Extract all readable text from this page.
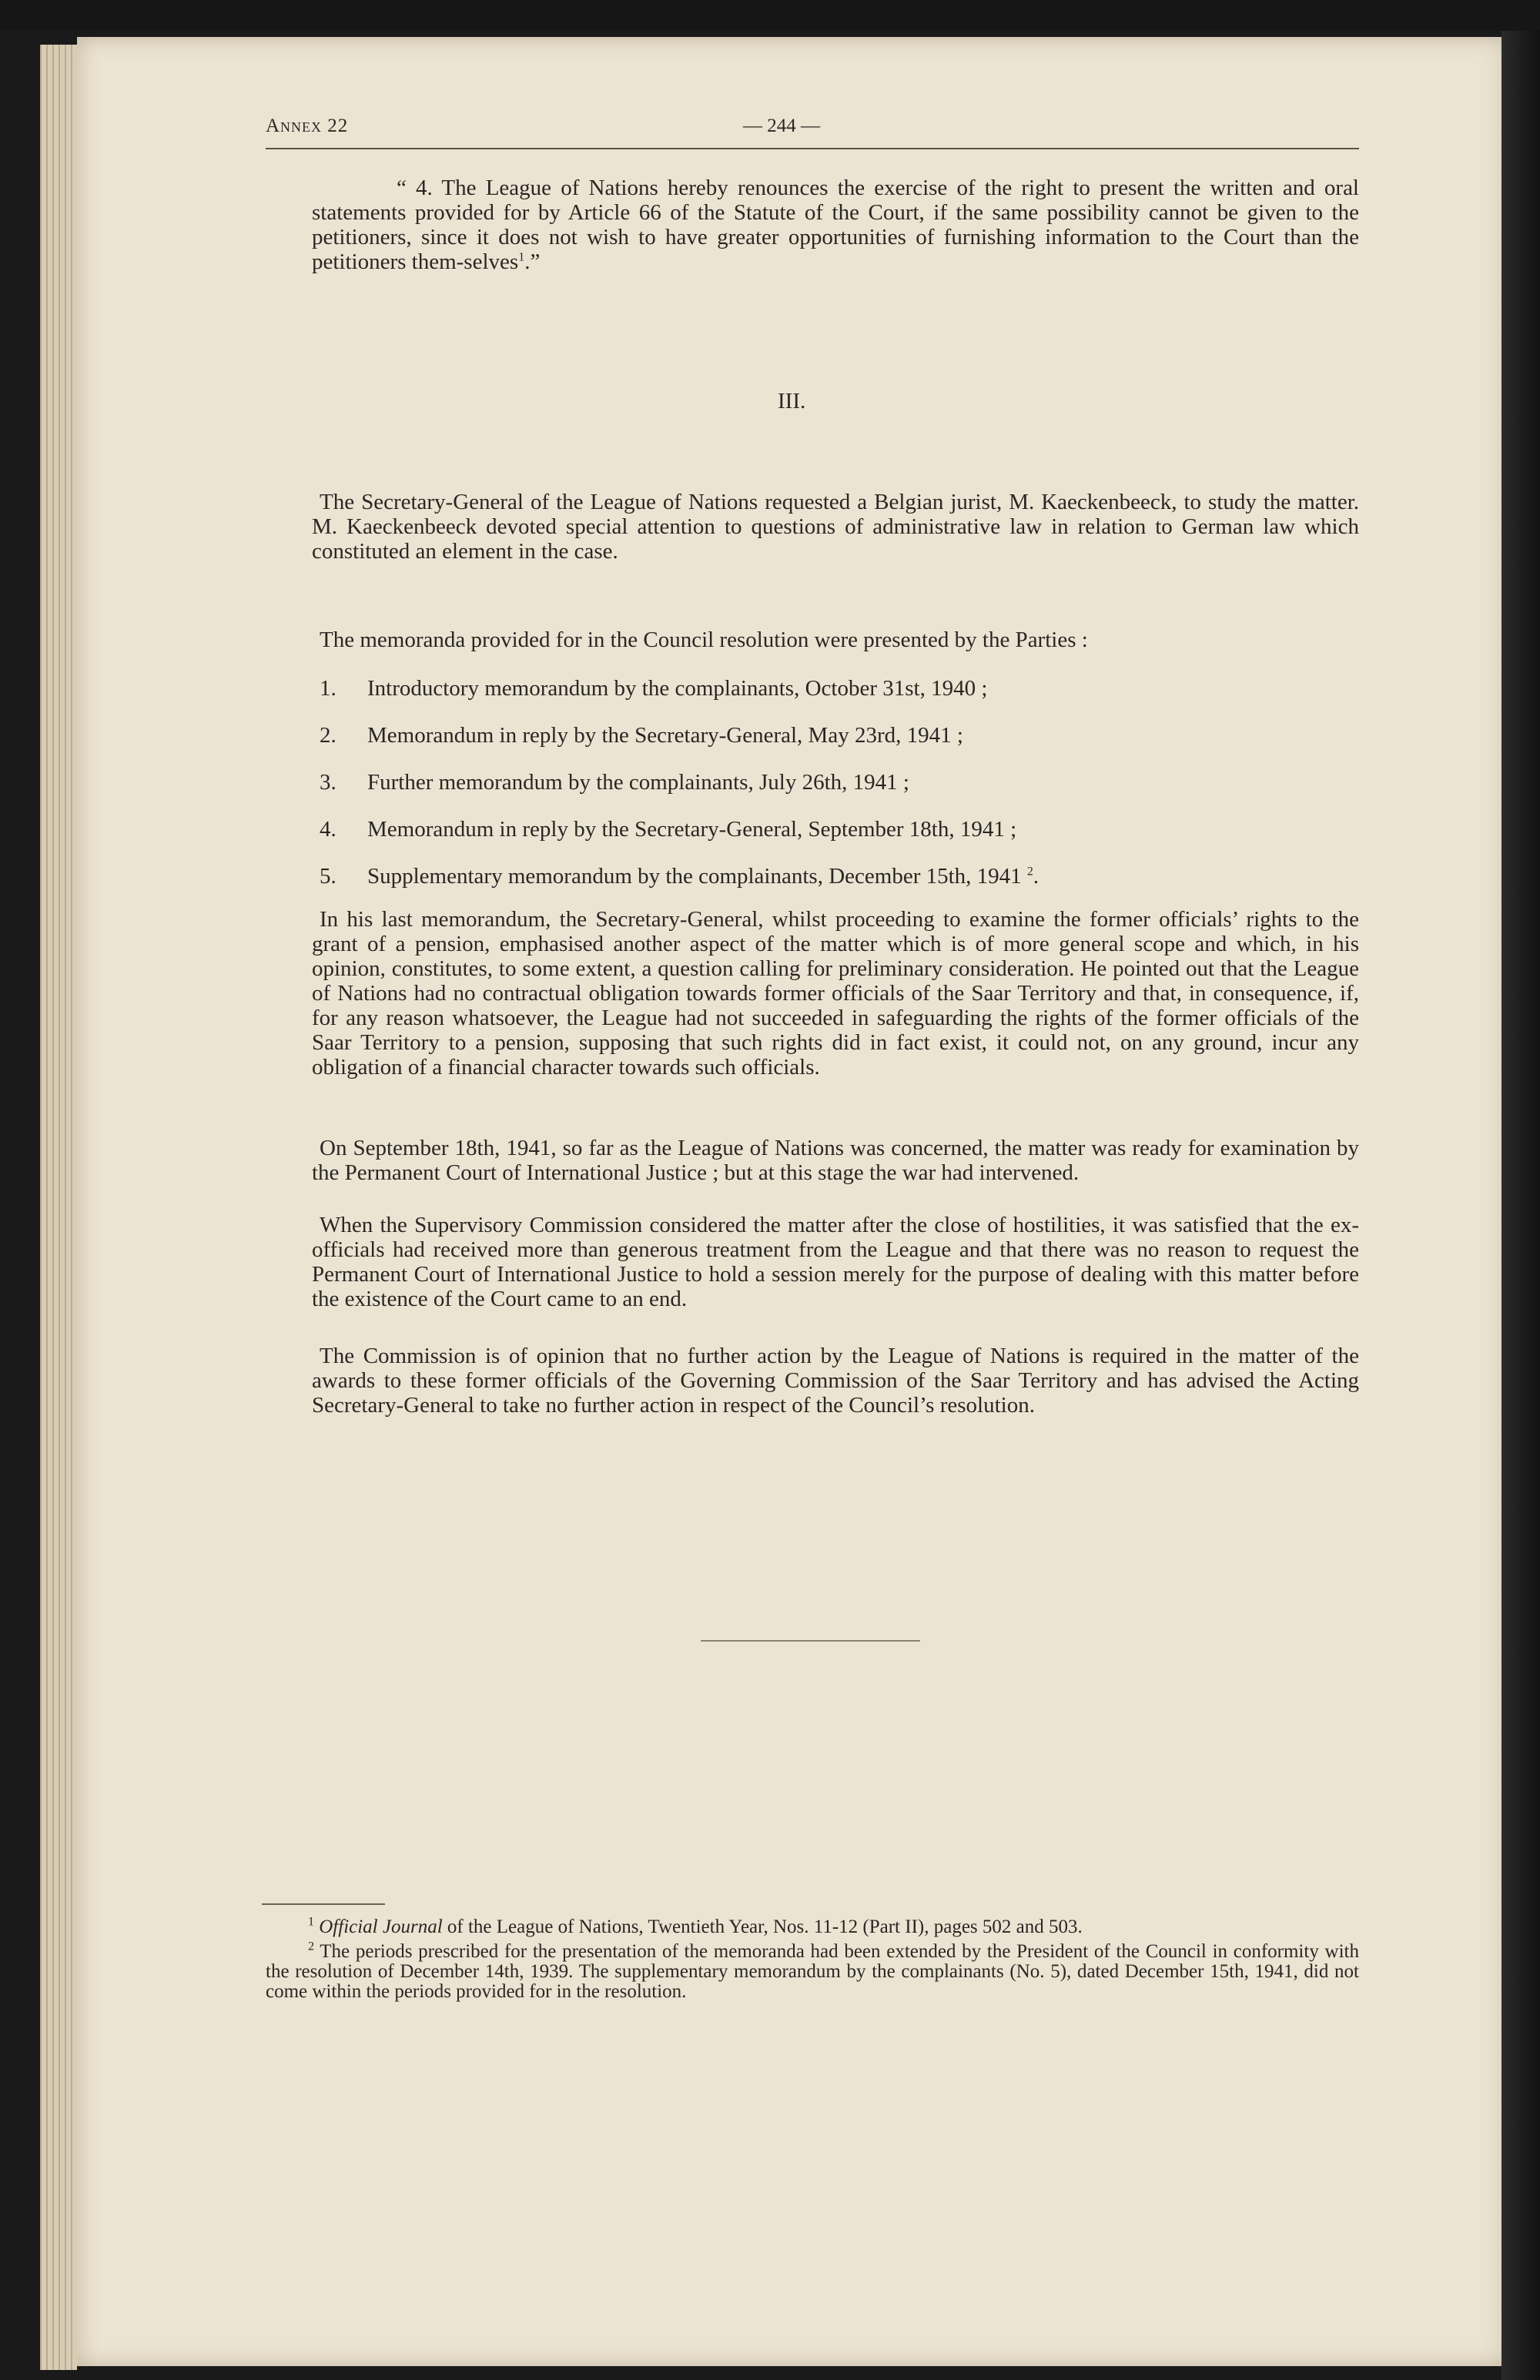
Annex 22	— 244 —

“ 4. The League of Nations hereby renounces the exercise of the right to present the written and oral statements provided for by Article 66 of the Statute of the Court, if the same possibility cannot be given to the petitioners, since it does not wish to have greater opportunities of furnishing information to the Court than the petitioners them-selves$^1$.”

III.

The Secretary-General of the League of Nations requested a Belgian jurist, M. Kaeckenbeeck, to study the matter. M. Kaeckenbeeck devoted special attention to questions of administrative law in relation to German law which constituted an element in the case.

The memoranda provided for in the Council resolution were presented by the Parties :

1. Introductory memorandum by the complainants, October 31st, 1940 ;
2. Memorandum in reply by the Secretary-General, May 23rd, 1941 ;
3. Further memorandum by the complainants, July 26th, 1941 ;
4. Memorandum in reply by the Secretary-General, September 18th, 1941 ;
5. Supplementary memorandum by the complainants, December 15th, 1941 $^2$.

In his last memorandum, the Secretary-General, whilst proceeding to examine the former officials’ rights to the grant of a pension, emphasised another aspect of the matter which is of more general scope and which, in his opinion, constitutes, to some extent, a question calling for preliminary consideration. He pointed out that the League of Nations had no contractual obligation towards former officials of the Saar Territory and that, in consequence, if, for any reason whatsoever, the League had not succeeded in safeguarding the rights of the former officials of the Saar Territory to a pension, supposing that such rights did in fact exist, it could not, on any ground, incur any obligation of a financial character towards such officials.

On September 18th, 1941, so far as the League of Nations was concerned, the matter was ready for examination by the Permanent Court of International Justice ; but at this stage the war had intervened.

When the Supervisory Commission considered the matter after the close of hostilities, it was satisfied that the ex-officials had received more than generous treatment from the League and that there was no reason to request the Permanent Court of International Justice to hold a session merely for the purpose of dealing with this matter before the existence of the Court came to an end.

The Commission is of opinion that no further action by the League of Nations is required in the matter of the awards to these former officials of the Governing Commission of the Saar Territory and has advised the Acting Secretary-General to take no further action in respect of the Council’s resolution.

$^1$ Official Journal of the League of Nations, Twentieth Year, Nos. 11-12 (Part II), pages 502 and 503.

$^2$ The periods prescribed for the presentation of the memoranda had been extended by the President of the Council in conformity with the resolution of December 14th, 1939. The supplementary memorandum by the complainants (No. 5), dated December 15th, 1941, did not come within the periods provided for in the resolution.
